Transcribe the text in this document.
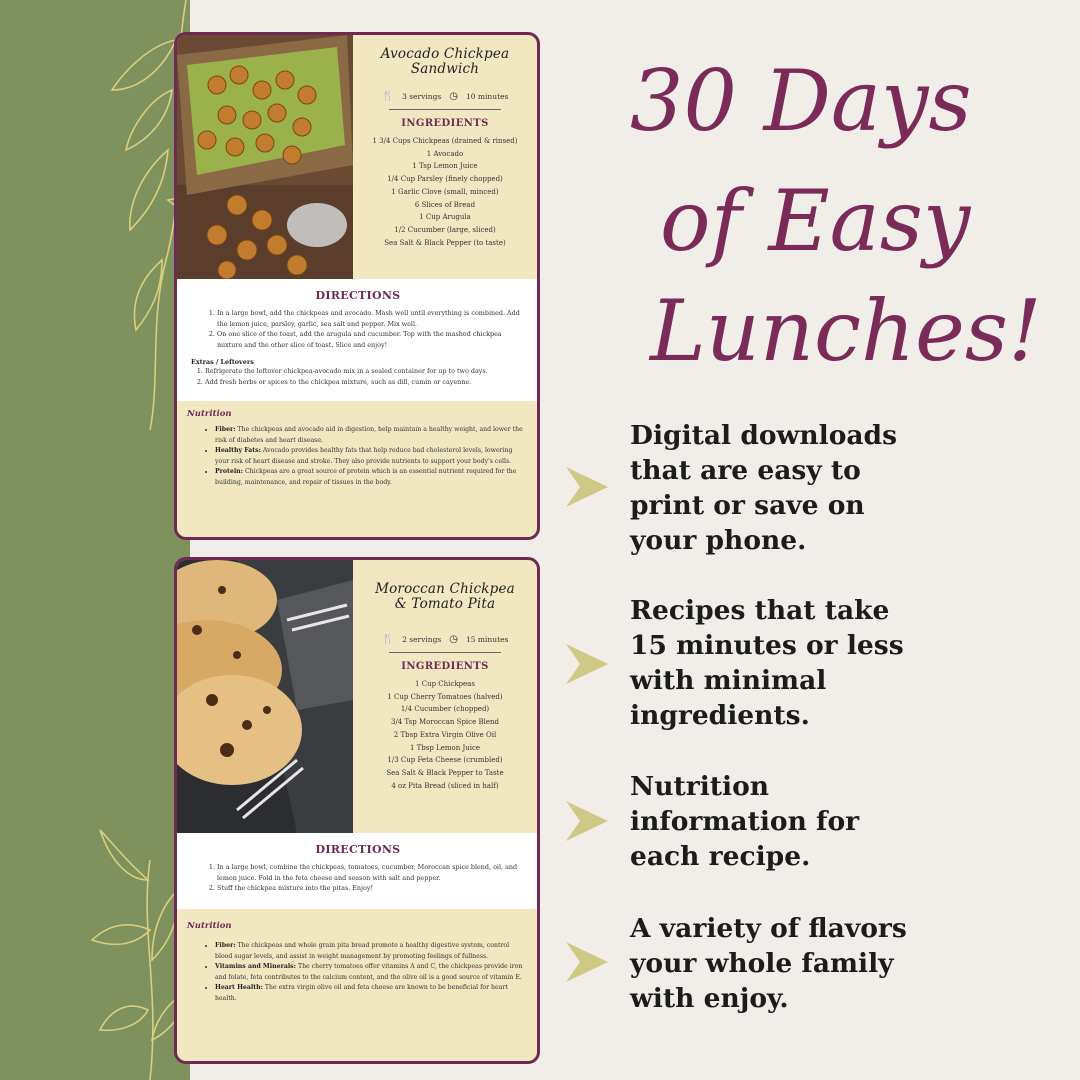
Avocado Chickpea Sandwich
🍴 3 servings ◷ 10 minutes
INGREDIENTS
1 3/4 Cups Chickpeas (drained & rinsed)
1 Avocado
1 Tsp Lemon Juice
1/4 Cup Parsley (finely chopped)
1 Garlic Clove (small, minced)
6 Slices of Bread
1 Cup Arugula
1/2 Cucumber (large, sliced)
Sea Salt & Black Pepper (to taste)
DIRECTIONS
1. In a large bowl, add the chickpeas and avocado. Mash well until everything is combined. Add the lemon juice, parsley, garlic, sea salt and pepper. Mix well.
2. On one slice of the toast, add the arugula and cucumber. Top with the mashed chickpea mixture and the other slice of toast. Slice and enjoy!
Extras / Leftovers
1. Refrigerate the leftover chickpea-avocado mix in a sealed container for up to two days.
2. Add fresh herbs or spices to the chickpea mixture, such as dill, cumin or cayenne.
Nutrition
• Fiber: The chickpeas and avocado aid in digestion, help maintain a healthy weight, and lower the risk of diabetes and heart disease.
• Healthy Fats: Avocado provides healthy fats that help reduce bad cholesterol levels, lowering your risk of heart disease and stroke. They also provide nutrients to support your body's cells.
• Protein: Chickpeas are a great source of protein which is an essential nutrient required for the building, maintenance, and repair of tissues in the body.
Moroccan Chickpea & Tomato Pita
🍴 2 servings ◷ 15 minutes
INGREDIENTS
1 Cup Chickpeas
1 Cup Cherry Tomatoes (halved)
1/4 Cucumber (chopped)
3/4 Tsp Moroccan Spice Blend
2 Tbsp Extra Virgin Olive Oil
1 Tbsp Lemon Juice
1/3 Cup Feta Cheese (crumbled)
Sea Salt & Black Pepper to Taste
4 oz Pita Bread (sliced in half)
DIRECTIONS
1. In a large bowl, combine the chickpeas, tomatoes, cucumber, Moroccan spice blend, oil, and lemon juice. Fold in the feta cheese and season with salt and pepper.
2. Stuff the chickpea mixture into the pitas. Enjoy!
Nutrition
• Fiber: The chickpeas and whole grain pita bread promote a healthy digestive system, control blood sugar levels, and assist in weight management by promoting feelings of fullness.
• Vitamins and Minerals: The cherry tomatoes offer vitamins A and C, the chickpeas provide iron and folate, feta contributes to the calcium content, and the olive oil is a good source of vitamin E.
• Heart Health: The extra virgin olive oil and feta cheese are known to be beneficial for heart health.
30 Days
of Easy
Lunches!
Digital downloads that are easy to print or save on your phone.
Recipes that take 15 minutes or less with minimal ingredients.
Nutrition information for each recipe.
A variety of flavors your whole family with enjoy.
